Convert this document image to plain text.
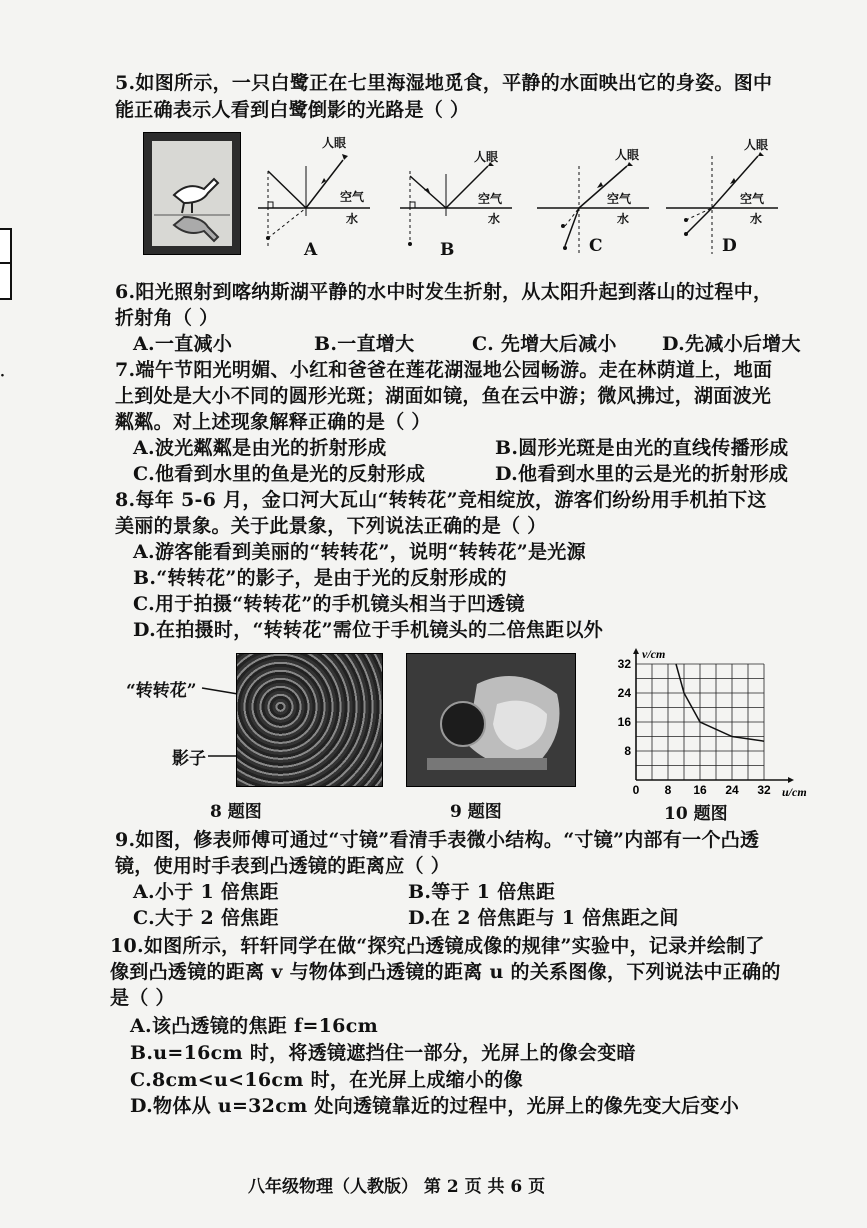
·
5.如图所示，一只白鹭正在七里海湿地觅食，平静的水面映出它的身姿。图中
能正确表示人看到白鹭倒影的光路是（ ）
人眼
空气
水
A
人眼
空气
水
B
人眼
空气
水
C
人眼
空气
水
D
6.阳光照射到喀纳斯湖平静的水中时发生折射，从太阳升起到落山的过程中，
折射角（ ）
A.一直减小	B.一直增大	C. 先增大后减小 D.先减小后增大
7.端午节阳光明媚、小红和爸爸在莲花湖湿地公园畅游。走在林荫道上，地面
上到处是大小不同的圆形光斑；湖面如镜，鱼在云中游；微风拂过，湖面波光
粼粼。对上述现象解释正确的是（ ）
A.波光粼粼是由光的折射形成	B.圆形光斑是由光的直线传播形成
C.他看到水里的鱼是光的反射形成	D.他看到水里的云是光的折射形成
8.每年 5-6 月，金口河大瓦山“转转花”竞相绽放，游客们纷纷用手机拍下这
美丽的景象。关于此景象，下列说法正确的是（ ）
A.游客能看到美丽的“转转花”，说明“转转花”是光源
B.“转转花”的影子，是由于光的反射形成的
C.用于拍摄“转转花”的手机镜头相当于凹透镜
D.在拍摄时，“转转花”需位于手机镜头的二倍焦距以外
“转转花”
影子
8 题图	9 题图
0 8 16 24 32
8
16
24
32
v/cm
u/cm
10 题图
9.如图，修表师傅可通过“寸镜”看清手表微小结构。“寸镜”内部有一个凸透
镜，使用时手表到凸透镜的距离应（ ）
A.小于 1 倍焦距	B.等于 1 倍焦距
C.大于 2 倍焦距	D.在 2 倍焦距与 1 倍焦距之间
10.如图所示，轩轩同学在做“探究凸透镜成像的规律”实验中，记录并绘制了
像到凸透镜的距离 v 与物体到凸透镜的距离 u 的关系图像，下列说法中正确的
是（ ）
A.该凸透镜的焦距 f=16cm
B.u=16cm 时，将透镜遮挡住一部分，光屏上的像会变暗
C.8cm<u<16cm 时，在光屏上成缩小的像
D.物体从 u=32cm 处向透镜靠近的过程中，光屏上的像先变大后变小
八年级物理（人教版） 第 2 页 共 6 页
